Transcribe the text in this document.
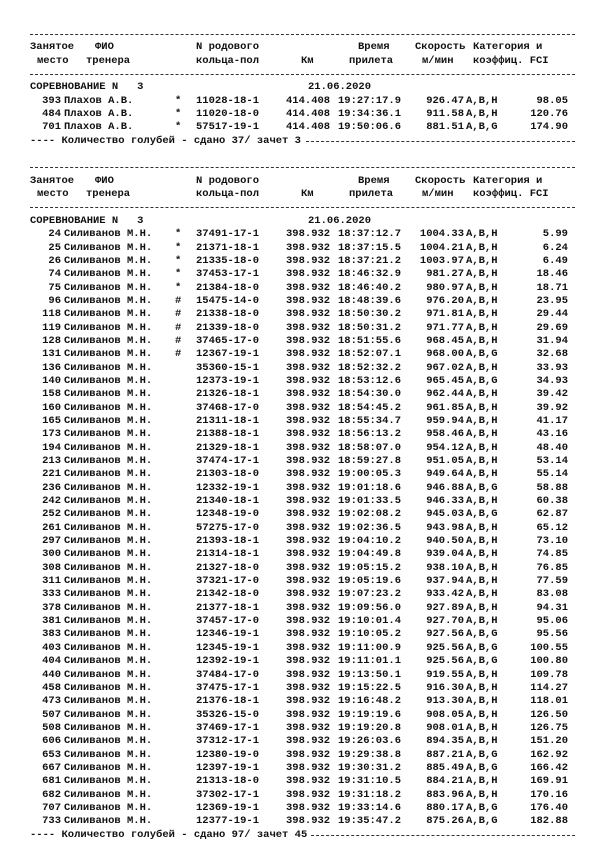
Занятое ФИО	N родового	Время Скорость Категория и
место тренера	кольца-пол	Км	прилета	м/мин коэффиц. FCI
СОРЕВНОВАНИЕ N   3	21.06.2020
393 Плахов А.В.	* 11028-18-1	414.408 19:27:17.9	926.47 A,B,H	98.05
484 Плахов А.В.	* 11020-18-0	414.408 19:34:36.1	911.58 A,B,H	120.76
701 Плахов А.В.	* 57517-19-1	414.408 19:50:06.6	881.51 A,B,G	174.90
---- Количество голубей - сдано 37/ зачет 3
Занятое ФИО	N родового	Время Скорость Категория и
место тренера	кольца-пол	Км	прилета	м/мин коэффиц. FCI
СОРЕВНОВАНИЕ N   3	21.06.2020
24 Силиванов М.Н. * 37491-17-1	398.932 18:37:12.7	1004.33 A,B,H	5.99
25 Силиванов М.Н. * 21371-18-1	398.932 18:37:15.5	1004.21 A,B,H	6.24
26 Силиванов М.Н. * 21335-18-0	398.932 18:37:21.2	1003.97 A,B,H	6.49
74 Силиванов М.Н. * 37453-17-1	398.932 18:46:32.9	981.27 A,B,H	18.46
75 Силиванов М.Н. * 21384-18-0	398.932 18:46:40.2	980.97 A,B,H	18.71
96 Силиванов М.Н. # 15475-14-0	398.932 18:48:39.6	976.20 A,B,H	23.95
118 Силиванов М.Н. # 21338-18-0	398.932 18:50:30.2	971.81 A,B,H	29.44
119 Силиванов М.Н. # 21339-18-0	398.932 18:50:31.2	971.77 A,B,H	29.69
128 Силиванов М.Н. # 37465-17-0	398.932 18:51:55.6	968.45 A,B,H	31.94
131 Силиванов М.Н. # 12367-19-1	398.932 18:52:07.1	968.00 A,B,G	32.68
136 Силиванов М.Н.	35360-15-1	398.932 18:52:32.2	967.02 A,B,H	33.93
140 Силиванов М.Н.	12373-19-1	398.932 18:53:12.6	965.45 A,B,G	34.93
158 Силиванов М.Н.	21326-18-1	398.932 18:54:30.0	962.44 A,B,H	39.42
160 Силиванов М.Н.	37468-17-0	398.932 18:54:45.2	961.85 A,B,H	39.92
165 Силиванов М.Н.	21311-18-1	398.932 18:55:34.7	959.94 A,B,H	41.17
173 Силиванов М.Н.	21388-18-1	398.932 18:56:13.2	958.46 A,B,H	43.16
194 Силиванов М.Н.	21329-18-1	398.932 18:58:07.0	954.12 A,B,H	48.40
213 Силиванов М.Н.	37474-17-1	398.932 18:59:27.8	951.05 A,B,H	53.14
221 Силиванов М.Н.	21303-18-0	398.932 19:00:05.3	949.64 A,B,H	55.14
236 Силиванов М.Н.	12332-19-1	398.932 19:01:18.6	946.88 A,B,G	58.88
242 Силиванов М.Н.	21340-18-1	398.932 19:01:33.5	946.33 A,B,H	60.38
252 Силиванов М.Н.	12348-19-0	398.932 19:02:08.2	945.03 A,B,G	62.87
261 Силиванов М.Н.	57275-17-0	398.932 19:02:36.5	943.98 A,B,H	65.12
297 Силиванов М.Н.	21393-18-1	398.932 19:04:10.2	940.50 A,B,H	73.10
300 Силиванов М.Н.	21314-18-1	398.932 19:04:49.8	939.04 A,B,H	74.85
308 Силиванов М.Н.	21327-18-0	398.932 19:05:15.2	938.10 A,B,H	76.85
311 Силиванов М.Н.	37321-17-0	398.932 19:05:19.6	937.94 A,B,H	77.59
333 Силиванов М.Н.	21342-18-0	398.932 19:07:23.2	933.42 A,B,H	83.08
378 Силиванов М.Н.	21377-18-1	398.932 19:09:56.0	927.89 A,B,H	94.31
381 Силиванов М.Н.	37457-17-0	398.932 19:10:01.4	927.70 A,B,H	95.06
383 Силиванов М.Н.	12346-19-1	398.932 19:10:05.2	927.56 A,B,G	95.56
403 Силиванов М.Н.	12345-19-1	398.932 19:11:00.9	925.56 A,B,G	100.55
404 Силиванов М.Н.	12392-19-1	398.932 19:11:01.1	925.56 A,B,G	100.80
440 Силиванов М.Н.	37484-17-0	398.932 19:13:50.1	919.55 A,B,H	109.78
458 Силиванов М.Н.	37475-17-1	398.932 19:15:22.5	916.30 A,B,H	114.27
473 Силиванов М.Н.	21376-18-1	398.932 19:16:48.2	913.30 A,B,H	118.01
507 Силиванов М.Н.	35326-15-0	398.932 19:19:19.6	908.05 A,B,H	126.50
508 Силиванов М.Н.	37469-17-1	398.932 19:19:20.8	908.01 A,B,H	126.75
606 Силиванов М.Н.	37312-17-1	398.932 19:26:03.6	894.35 A,B,H	151.20
653 Силиванов М.Н.	12380-19-0	398.932 19:29:38.8	887.21 A,B,G	162.92
667 Силиванов М.Н.	12397-19-1	398.932 19:30:31.2	885.49 A,B,G	166.42
681 Силиванов М.Н.	21313-18-0	398.932 19:31:10.5	884.21 A,B,H	169.91
682 Силиванов М.Н.	37302-17-1	398.932 19:31:18.2	883.96 A,B,H	170.16
707 Силиванов М.Н.	12369-19-1	398.932 19:33:14.6	880.17 A,B,G	176.40
733 Силиванов М.Н.	12377-19-1	398.932 19:35:47.2	875.26 A,B,G	182.88
---- Количество голубей - сдано 97/ зачет 45
